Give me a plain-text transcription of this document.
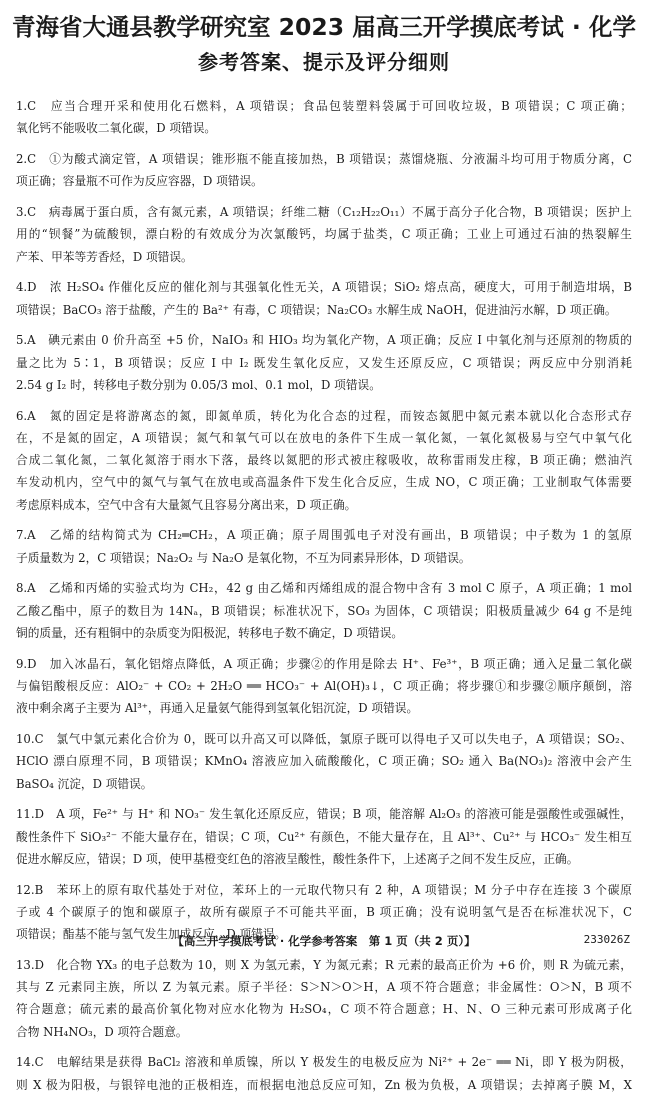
青海省大通县教学研究室 2023 届高三开学摸底考试 · 化学
参考答案、提示及评分细则
1.C　应当合理开采和使用化石燃料，A 项错误；食品包装塑料袋属于可回收垃圾，B 项错误；C 项正确；
氧化钙不能吸收二氧化碳，D 项错误。
2.C　①为酸式滴定管，A 项错误；锥形瓶不能直接加热，B 项错误；蒸馏烧瓶、分液漏斗均可用于物质分离，C
项正确；容量瓶不可作为反应容器，D 项错误。
3.C　病毒属于蛋白质，含有氮元素，A 项错误；纤维二糖（C₁₂H₂₂O₁₁）不属于高分子化合物，B 项错误；医护上
用的“钡餐”为硫酸钡，漂白粉的有效成分为次氯酸钙，均属于盐类，C 项正确；工业上可通过石油的热裂解生
产苯、甲苯等芳香烃，D 项错误。
4.D　浓 H₂SO₄ 作催化反应的催化剂与其强氧化性无关，A 项错误；SiO₂ 熔点高，硬度大，可用于制造坩埚，B
项错误；BaCO₃ 溶于盐酸，产生的 Ba²⁺ 有毒，C 项错误；Na₂CO₃ 水解生成 NaOH，促进油污水解，D 项正确。
5.A　碘元素由 0 价升高至 +5 价，NaIO₃ 和 HIO₃ 均为氧化产物，A 项正确；反应 I 中氧化剂与还原剂的物质的
量之比为 5∶1，B 项错误；反应 I 中 I₂ 既发生氧化反应，又发生还原反应，C 项错误；两反应中分别消耗
2.54 g I₂ 时，转移电子数分别为 0.05/3 mol、0.1 mol，D 项错误。
6.A　氮的固定是将游离态的氮，即氮单质，转化为化合态的过程，而铵态氮肥中氮元素本就以化合态形式存
在，不是氮的固定，A 项错误；氮气和氧气可以在放电的条件下生成一氧化氮，一氧化氮极易与空气中氧气化
合成二氧化氮，二氧化氮溶于雨水下落，最终以氮肥的形式被庄稼吸收，故称雷雨发庄稼，B 项正确；燃油汽
车发动机内，空气中的氮气与氧气在放电或高温条件下发生化合反应，生成 NO，C 项正确；工业制取气体需要
考虑原料成本，空气中含有大量氮气且容易分离出来，D 项正确。
7.A　乙烯的结构简式为 CH₂═CH₂，A 项正确；原子周围弧电子对没有画出，B 项错误；中子数为 1 的氢原
子质量数为 2，C 项错误；Na₂O₂ 与 Na₂O 是氧化物，不互为同素异形体，D 项错误。
8.A　乙烯和丙烯的实验式均为 CH₂，42 g 由乙烯和丙烯组成的混合物中含有 3 mol C 原子，A 项正确；1 mol
乙酸乙酯中，原子的数目为 14Nₐ，B 项错误；标准状况下，SO₃ 为固体，C 项错误；阳极质量减少 64 g 不是纯
铜的质量，还有粗铜中的杂质变为阳极泥，转移电子数不确定，D 项错误。
9.D　加入冰晶石，氧化铝熔点降低，A 项正确；步骤②的作用是除去 H⁺、Fe³⁺，B 项正确；通入足量二氧化碳
与偏铝酸根反应：AlO₂⁻ + CO₂ + 2H₂O ══ HCO₃⁻ + Al(OH)₃↓，C 项正确；将步骤①和步骤②顺序颠倒，溶
液中剩余离子主要为 Al³⁺，再通入足量氨气能得到氢氧化铝沉淀，D 项错误。
10.C　氯气中氯元素化合价为 0，既可以升高又可以降低，氯原子既可以得电子又可以失电子，A 项错误；SO₂、
HClO 漂白原理不同，B 项错误；KMnO₄ 溶液应加入硫酸酸化，C 项正确；SO₂ 通入 Ba(NO₃)₂ 溶液中会产生
BaSO₄ 沉淀，D 项错误。
11.D　A 项，Fe²⁺ 与 H⁺ 和 NO₃⁻ 发生氧化还原反应，错误；B 项，能溶解 Al₂O₃ 的溶液可能是强酸性或强碱性，
酸性条件下 SiO₃²⁻ 不能大量存在，错误；C 项，Cu²⁺ 有颜色，不能大量存在，且 Al³⁺、Cu²⁺ 与 HCO₃⁻ 发生相互
促进水解反应，错误；D 项，使甲基橙变红色的溶液呈酸性，酸性条件下，上述离子之间不发生反应，正确。
12.B　苯环上的原有取代基处于对位，苯环上的一元取代物只有 2 种，A 项错误；M 分子中存在连接 3 个碳原
子或 4 个碳原子的饱和碳原子，故所有碳原子不可能共平面，B 项正确；没有说明氢气是否在标准状况下，C
项错误；酯基不能与氢气发生加成反应，D 项错误。
13.D　化合物 YX₃ 的电子总数为 10，则 X 为氢元素，Y 为氮元素；R 元素的最高正价为 +6 价，则 R 为硫元素，
其与 Z 元素同主族，所以 Z 为氧元素。原子半径：S＞N＞O＞H，A 项不符合题意；非金属性：O＞N，B 项不
符合题意；硫元素的最高价氧化物对应水化物为 H₂SO₄，C 项不符合题意；H、N、O 三种元素可形成离子化
合物 NH₄NO₃，D 项符合题意。
14.C　电解结果是获得 BaCl₂ 溶液和单质镍，所以 Y 极发生的电极反应为 Ni²⁺ + 2e⁻ ══ Ni，即 Y 极为阴极，
则 X 极为阳极，与银锌电池的正极相连，而根据电池总反应可知，Zn 极为负极，A 项错误；去掉离子膜 M，X
【高三开学摸底考试 · 化学参考答案　第 1 页（共 2 页）】	233026Z
